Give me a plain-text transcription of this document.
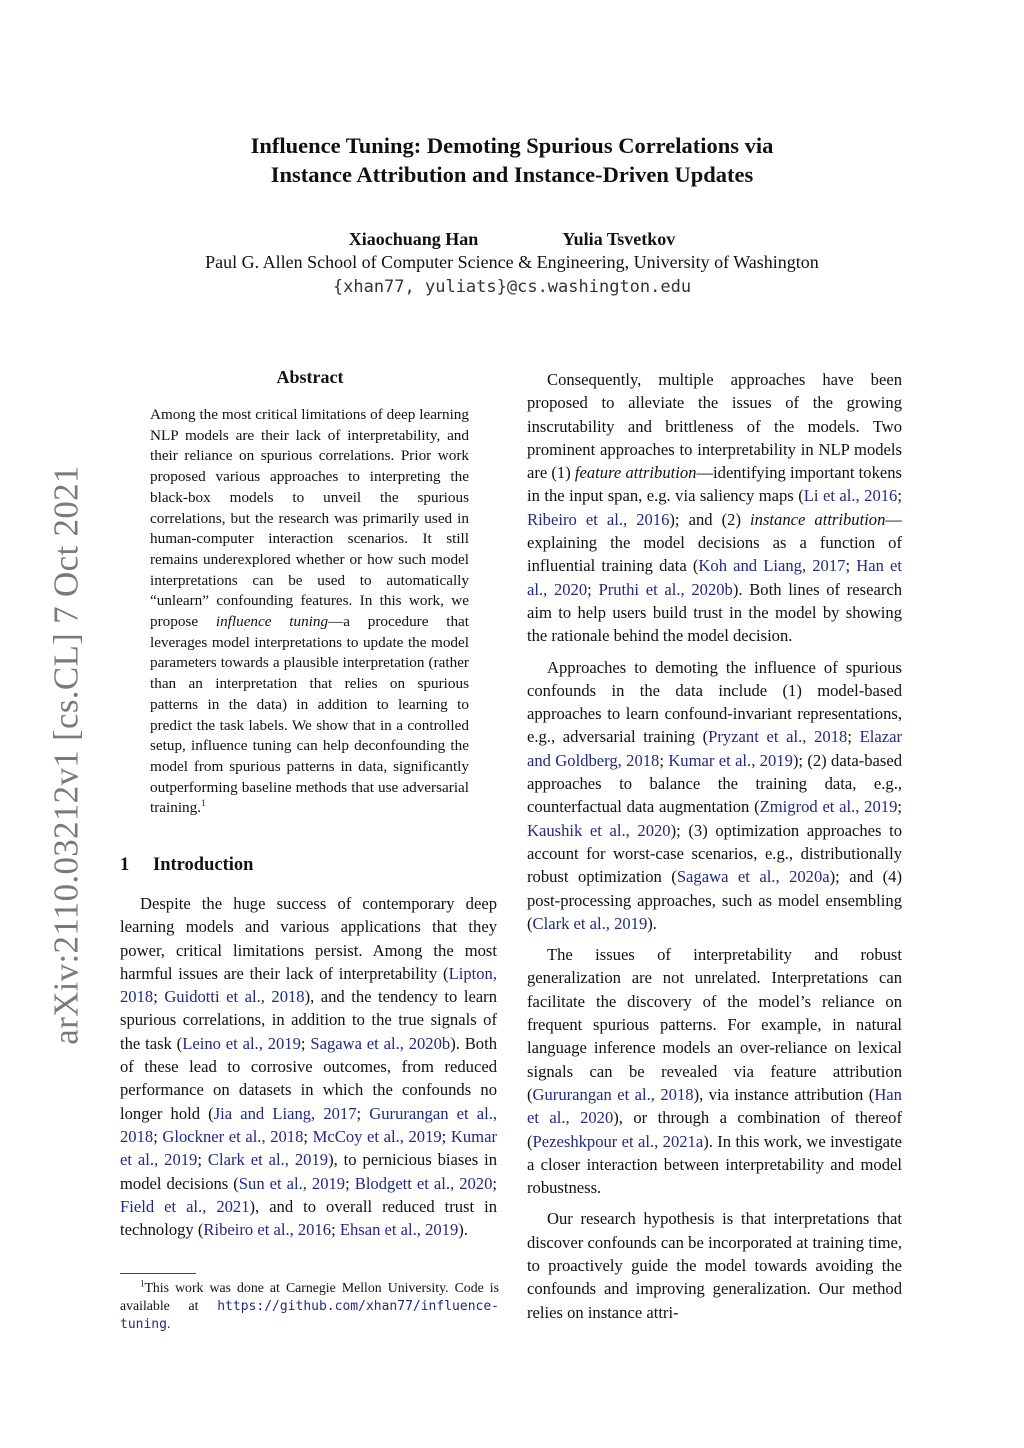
arXiv:2110.03212v1 [cs.CL] 7 Oct 2021
Influence Tuning: Demoting Spurious Correlations via
Instance Attribution and Instance-Driven Updates
Xiaochuang Han	Yulia Tsvetkov
Paul G. Allen School of Computer Science & Engineering, University of Washington
{xhan77, yuliats}@cs.washington.edu
Abstract
Among the most critical limitations of deep learning NLP models are their lack of interpretability, and their reliance on spurious correlations. Prior work proposed various approaches to interpreting the black-box models to unveil the spurious correlations, but the research was primarily used in human-computer interaction scenarios. It still remains underexplored whether or how such model interpretations can be used to automatically “unlearn” confounding features. In this work, we propose influence tuning—a procedure that leverages model interpretations to update the model parameters towards a plausible interpretation (rather than an interpretation that relies on spurious patterns in the data) in addition to learning to predict the task labels. We show that in a controlled setup, influence tuning can help deconfounding the model from spurious patterns in data, significantly outperforming baseline methods that use adversarial training.$^1$
1 Introduction

Despite the huge success of contemporary deep learning models and various applications that they power, critical limitations persist. Among the most harmful issues are their lack of interpretability (Lipton, 2018; Guidotti et al., 2018), and the tendency to learn spurious correlations, in addition to the true signals of the task (Leino et al., 2019; Sagawa et al., 2020b). Both of these lead to corrosive outcomes, from reduced performance on datasets in which the confounds no longer hold (Jia and Liang, 2017; Gururangan et al., 2018; Glockner et al., 2018; McCoy et al., 2019; Kumar et al., 2019; Clark et al., 2019), to pernicious biases in model decisions (Sun et al., 2019; Blodgett et al., 2020; Field et al., 2021), and to overall reduced trust in technology (Ribeiro et al., 2016; Ehsan et al., 2019).

$^1$This work was done at Carnegie Mellon University. Code is available at https://github.com/xhan77/influence-tuning.

Consequently, multiple approaches have been proposed to alleviate the issues of the growing inscrutability and brittleness of the models. Two prominent approaches to interpretability in NLP models are (1) feature attribution—identifying important tokens in the input span, e.g. via saliency maps (Li et al., 2016; Ribeiro et al., 2016); and (2) instance attribution—explaining the model decisions as a function of influential training data (Koh and Liang, 2017; Han et al., 2020; Pruthi et al., 2020b). Both lines of research aim to help users build trust in the model by showing the rationale behind the model decision.

Approaches to demoting the influence of spurious confounds in the data include (1) model-based approaches to learn confound-invariant representations, e.g., adversarial training (Pryzant et al., 2018; Elazar and Goldberg, 2018; Kumar et al., 2019); (2) data-based approaches to balance the training data, e.g., counterfactual data augmentation (Zmigrod et al., 2019; Kaushik et al., 2020); (3) optimization approaches to account for worst-case scenarios, e.g., distributionally robust optimization (Sagawa et al., 2020a); and (4) post-processing approaches, such as model ensembling (Clark et al., 2019).

The issues of interpretability and robust generalization are not unrelated. Interpretations can facilitate the discovery of the model’s reliance on frequent spurious patterns. For example, in natural language inference models an over-reliance on lexical signals can be revealed via feature attribution (Gururangan et al., 2018), via instance attribution (Han et al., 2020), or through a combination of thereof (Pezeshkpour et al., 2021a). In this work, we investigate a closer interaction between interpretability and model robustness.

Our research hypothesis is that interpretations that discover confounds can be incorporated at training time, to proactively guide the model towards avoiding the confounds and improving generalization. Our method relies on instance attri-
